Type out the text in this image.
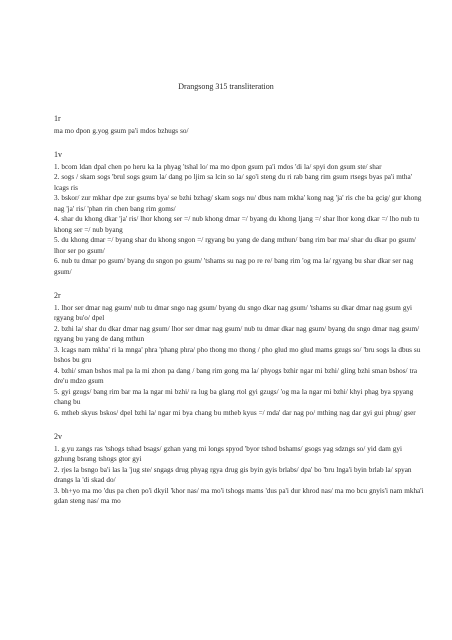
Drangsong 315 transliteration

1r

ma mo dpon g.yog gsum pa'i mdos bzhugs so/

1v

1. bcom ldan dpal chen po heru ka la phyag 'tshal lo/ ma mo dpon gsum pa'i mdos 'di la/ spyi don gsum ste/ shar

2. sogs / skam sogs 'brul sogs gsum la/ dang po ljim sa lcin so la/ sgo'i steng du ri rab bang rim gsum rtsegs byas pa'i mtha' lcags ris

3. bskor/ zur mkhar dpe zur gsums bya/ se bzhi bzhag/ skam sogs nu/ dbus nam mkha' kong nag 'ja' ris che ba gcig/ gur khong nag 'ja' ris/ 'phan rin chen bang rim goms/

4. shar du khong dkar 'ja' ris/ lhor khong ser =/ nub khong dmar =/ byang du khong ljang =/ shar lhor kong dkar =/ lho nub tu khong ser =/ nub byang

5. du khong dmar =/ byang shar du khong sngon =/ rgyang bu yang de dang mthun/ bang rim bar ma/ shar du dkar po gsum/ lhor ser po gsum/

6. nub tu dmar po gsum/ byang du sngon po gsum/ 'tshams su nag po re re/ bang rim 'og ma la/ rgyang bu shar dkar ser nag gsum/

2r

1. lhor ser dmar nag gsum/ nub tu dmar sngo nag gsum/ byang du sngo dkar nag gsum/ 'tshams su dkar dmar nag gsum gyi rgyang bu'o/ dpel

2. bzhi la/ shar du dkar dmar nag gsum/ lhor ser dmar nag gsum/ nub tu dmar dkar nag gsum/ byang du sngo dmar nag gsum/ rgyang bu yang de dang mthun

3. lcags nam mkha' ri la mnga' phra 'phang phra/ pho thong mo thong / pho glud mo glud mams gzugs so/ 'bru sogs la dbus su bshos bu gru

4. bzhi/ sman bshos mal pa la mi zhon pa dang / bang rim gong ma la/ phyogs bzhir ngar mi bzhi/ gling bzhi sman bshos/ tra dre'u mdzo gsum

5. gyi gzugs/ bang rim bar ma la ngar mi bzhi/ ra lug ba glang rtol gyi gzugs/ 'og ma la ngar mi bzhi/ khyi phag bya spyang chang bu

6. mtheb skyus bskos/ dpel bzhi la/ ngar mi bya chang bu mtheb kyus =/ mda' dar nag po/ mthing nag dar gyi gui phug/ gser

2v

1. g.yu zangs ras 'tshogs tshad bsags/ gzhan yang mi longs spyod 'byor tshod bshams/ gsogs yag sdzngs so/ yid dam gyi gzhung bsrang tshogs gtor gyi

2. rjes la bsngo ba'i las la 'jug ste/ sngags drug phyag rgya drug gis byin gyis brlabs/ dpa' bo 'bru lnga'i byin brlab la/ spyan drangs la 'di skad do/

3. bh+yo ma mo 'dus pa chen po'i dkyil 'khor nas/ ma mo'i tshogs mams 'dus pa'i dur khrod nas/ ma mo bcu gnyis'i nam mkha'i gdan steng nas/ ma mo
